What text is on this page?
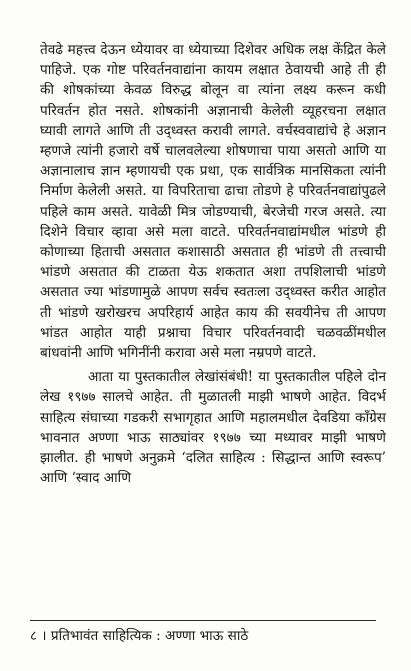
तेवढे महत्त्व देऊन ध्येयावर वा ध्येयाच्या दिशेवर अधिक लक्ष केंद्रित केले पाहिजे. एक गोष्ट परिवर्तनवाद्यांना कायम लक्षात ठेवायची आहे ती ही की शोषकांच्या केवळ विरुद्ध बोलून वा त्यांना लक्ष्य करून कधी परिवर्तन होत नसते. शोषकांनी अज्ञानाची केलेली व्यूहरचना लक्षात घ्यावी लागते आणि ती उद्ध्वस्त करावी लागते. वर्चस्ववाद्यांचे हे अज्ञान म्हणजे त्यांनी हजारो वर्षे चालवलेल्या शोषणाचा पाया असतो आणि या अज्ञानालाच ज्ञान म्हणायची एक प्रथा, एक सार्वत्रिक मानसिकता त्यांनी निर्माण केलेली असते. या विपरिताचा ढाचा तोडणे हे परिवर्तनवाद्यांपुढले पहिले काम असते. यावेळी मित्र जोडण्याची, बेरजेची गरज असते. त्या दिशेने विचार व्हावा असे मला वाटते. परिवर्तनवाद्यांमधील भांडणे ही कोणाच्या हिताची असतात कशासाठी असतात ही भांडणे ती तत्त्वाची भांडणे असतात की टाळता येऊ शकतात अशा तपशिलाची भांडणे असतात ज्या भांडणामुळे आपण सर्वच स्वतःला उद्ध्वस्त करीत आहोत ती भांडणे खरोखरच अपरिहार्य आहेत काय की सवयीनेच ती आपण भांडत आहोत याही प्रश्नाचा विचार परिवर्तनवादी चळवळींमधील बांधवांनी आणि भगिनींनी करावा असे मला नम्रपणे वाटते.

आता या पुस्तकातील लेखांसंबंधी! या पुस्तकातील पहिले दोन लेख १९७७ सालचे आहेत. ती मुळातली माझी भाषणे आहेत. विदर्भ साहित्य संघाच्या गडकरी सभागृहात आणि महालमधील देवडिया काँग्रेस भावनात अण्णा भाऊ साठ्यांवर १९७७ च्या मध्यावर माझी भाषणे झालीत. ही भाषणे अनुक्रमे ‘दलित साहित्य : सिद्धान्त आणि स्वरूप’ आणि ‘स्वाद आणि

८ । प्रतिभावंत साहित्यिक : अण्णा भाऊ साठे
